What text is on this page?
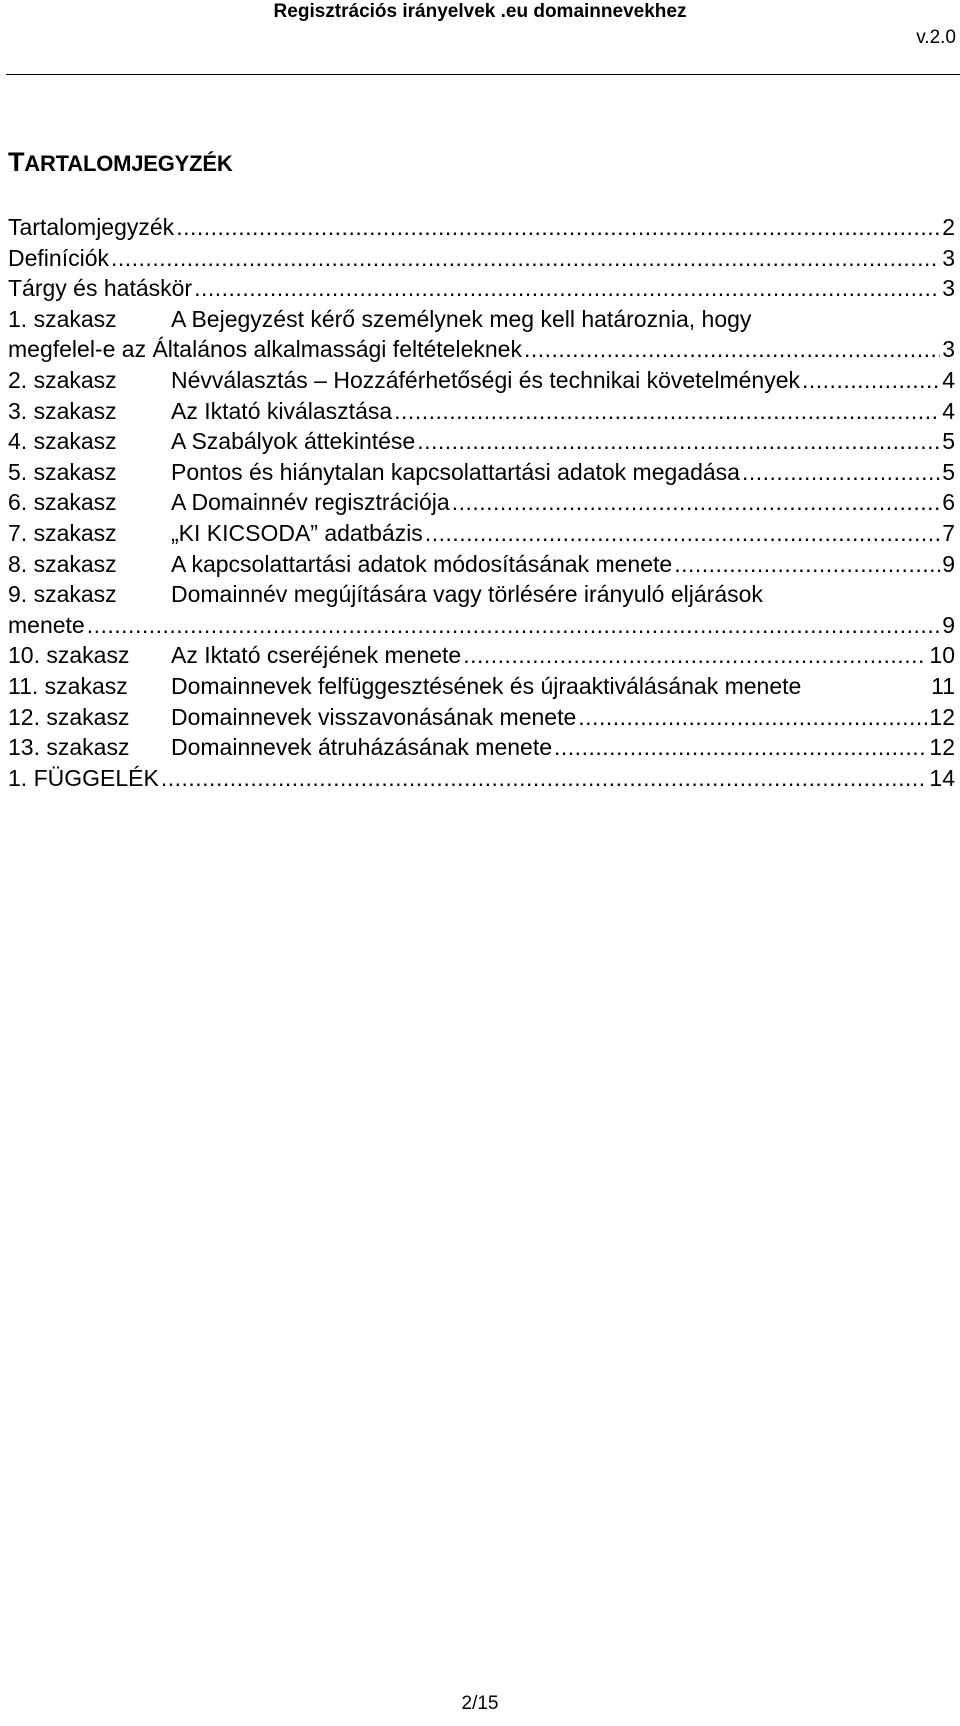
Regisztrációs irányelvek .eu domainnevekhez
v.2.0
TARTALOMJEGYZÉK
Tartalomjegyzék .....	2
Definíciók .....	3
Tárgy és hatáskör .....	3
1. szakasz	A Bejegyzést kérő személynek meg kell határoznia, hogy
megfelel-e az Általános alkalmassági feltételeknek .....	3
2. szakasz	Névválasztás – Hozzáférhetőségi és technikai követelmények .....	4
3. szakasz	Az Iktató kiválasztása .....	4
4. szakasz	A Szabályok áttekintése .....	5
5. szakasz	Pontos és hiánytalan kapcsolattartási adatok megadása .....	5
6. szakasz	A Domainnév regisztrációja .....	6
7. szakasz	„KI KICSODA” adatbázis .....	7
8. szakasz	A kapcsolattartási adatok módosításának menete .....	9
9. szakasz	Domainnév megújítására vagy törlésére irányuló eljárások
menete .....	9
10. szakasz	Az Iktató cseréjének menete .....	10
11. szakasz	Domainnevek felfüggesztésének és újraaktiválásának menete	11
12. szakasz	Domainnevek visszavonásának menete .....	12
13. szakasz	Domainnevek átruházásának menete .....	12
1. FÜGGELÉK .....	14
2/15
